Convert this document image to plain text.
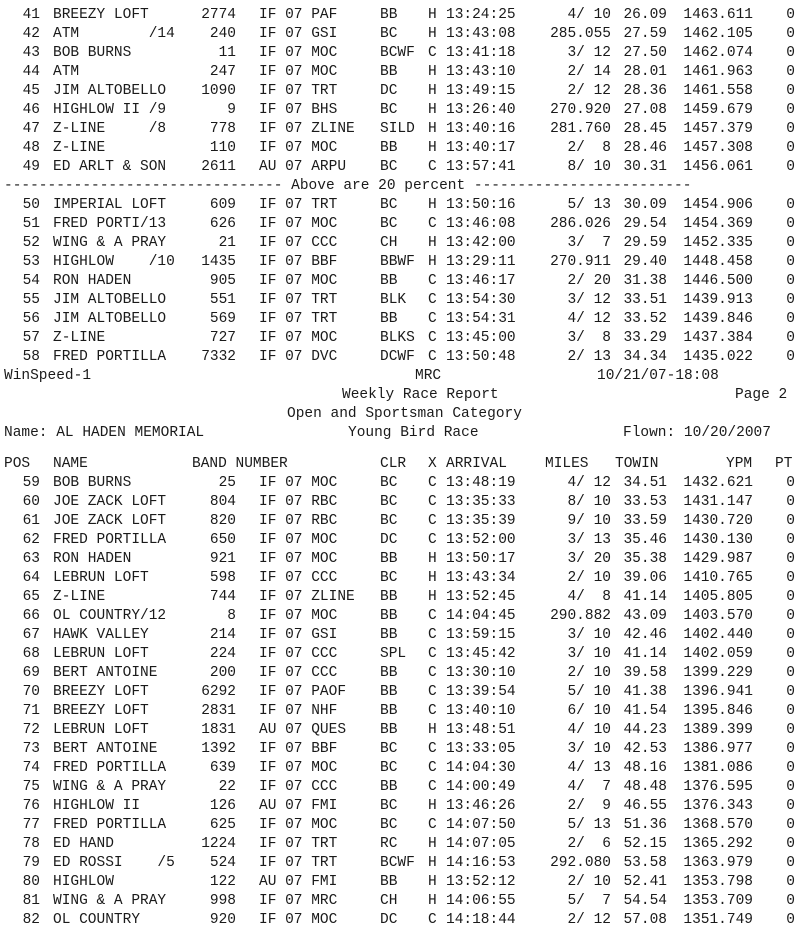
41 BREEZY LOFT	2774 IF 07 PAF	BB	H 13:24:25	4/ 10 26.09	1463.611	0
42 ATM        /14	240 IF 07 GSI	BC	H 13:43:08	285.055 27.59	1462.105	0
43 BOB BURNS	11 IF 07 MOC	BCWF C 13:41:18	3/ 12 27.50	1462.074	0
44 ATM	247 IF 07 MOC	BB	H 13:43:10	2/ 14 28.01	1461.963	0
45 JIM ALTOBELLO	1090 IF 07 TRT	DC	H 13:49:15	2/ 12 28.36	1461.558	0
46 HIGHLOW II /9	9 IF 07 BHS	BC	H 13:26:40	270.920 27.08	1459.679	0
47 Z-LINE     /8	778 IF 07 ZLINE	SILD H 13:40:16	281.760 28.45	1457.379	0
48 Z-LINE	110 IF 07 MOC	BB	H 13:40:17	2/  8 28.46	1457.308	0
49 ED ARLT & SON	2611 AU 07 ARPU	BC	C 13:57:41	8/ 10 30.31	1456.061	0
-------------------------------- Above are 20 percent -------------------------
50 IMPERIAL LOFT	609 IF 07 TRT	BC	H 13:50:16	5/ 13 30.09	1454.906	0
51 FRED PORTI/13	626 IF 07 MOC	BC	C 13:46:08	286.026 29.54	1454.369	0
52 WING & A PRAY	21 IF 07 CCC	CH	H 13:42:00	3/  7 29.59	1452.335	0
53 HIGHLOW    /10	1435 IF 07 BBF	BBWF H 13:29:11	270.911 29.40	1448.458	0
54 RON HADEN	905 IF 07 MOC	BB	C 13:46:17	2/ 20 31.38	1446.500	0
55 JIM ALTOBELLO	551 IF 07 TRT	BLK	C 13:54:30	3/ 12 33.51	1439.913	0
56 JIM ALTOBELLO	569 IF 07 TRT	BB	C 13:54:31	4/ 12 33.52	1439.846	0
57 Z-LINE	727 IF 07 MOC	BLKS C 13:45:00	3/  8 33.29	1437.384	0
58 FRED PORTILLA	7332 IF 07 DVC	DCWF C 13:50:48	2/ 13 34.34	1435.022	0
WinSpeed-1	MRC	10/21/07-18:08
Weekly Race Report	Page 2
Open and Sportsman Category
Name: AL HADEN MEMORIAL	Young Bird Race	Flown: 10/20/2007
POS NAME	BAND NUMBER	CLR X ARRIVAL	MILES TOWIN	YPM PT
59 BOB BURNS	25 IF 07 MOC	BC	C 13:48:19	4/ 12 34.51	1432.621	0
60 JOE ZACK LOFT	804 IF 07 RBC	BC	C 13:35:33	8/ 10 33.53	1431.147	0
61 JOE ZACK LOFT	820 IF 07 RBC	BC	C 13:35:39	9/ 10 33.59	1430.720	0
62 FRED PORTILLA	650 IF 07 MOC	DC	C 13:52:00	3/ 13 35.46	1430.130	0
63 RON HADEN	921 IF 07 MOC	BB	H 13:50:17	3/ 20 35.38	1429.987	0
64 LEBRUN LOFT	598 IF 07 CCC	BC	H 13:43:34	2/ 10 39.06	1410.765	0
65 Z-LINE	744 IF 07 ZLINE	BB	H 13:52:45	4/  8 41.14	1405.805	0
66 OL COUNTRY/12	8 IF 07 MOC	BB	C 14:04:45	290.882 43.09	1403.570	0
67 HAWK VALLEY	214 IF 07 GSI	BB	C 13:59:15	3/ 10 42.46	1402.440	0
68 LEBRUN LOFT	224 IF 07 CCC	SPL	C 13:45:42	3/ 10 41.14	1402.059	0
69 BERT ANTOINE	200 IF 07 CCC	BB	C 13:30:10	2/ 10 39.58	1399.229	0
70 BREEZY LOFT	6292 IF 07 PAOF	BB	C 13:39:54	5/ 10 41.38	1396.941	0
71 BREEZY LOFT	2831 IF 07 NHF	BB	C 13:40:10	6/ 10 41.54	1395.846	0
72 LEBRUN LOFT	1831 AU 07 QUES	BB	H 13:48:51	4/ 10 44.23	1389.399	0
73 BERT ANTOINE	1392 IF 07 BBF	BC	C 13:33:05	3/ 10 42.53	1386.977	0
74 FRED PORTILLA	639 IF 07 MOC	BC	C 14:04:30	4/ 13 48.16	1381.086	0
75 WING & A PRAY	22 IF 07 CCC	BB	C 14:00:49	4/  7 48.48	1376.595	0
76 HIGHLOW II	126 AU 07 FMI	BC	H 13:46:26	2/  9 46.55	1376.343	0
77 FRED PORTILLA	625 IF 07 MOC	BC	C 14:07:50	5/ 13 51.36	1368.570	0
78 ED HAND	1224 IF 07 TRT	RC	H 14:07:05	2/  6 52.15	1365.292	0
79 ED ROSSI    /5	524 IF 07 TRT	BCWF H 14:16:53	292.080 53.58	1363.979	0
80 HIGHLOW	122 AU 07 FMI	BB	H 13:52:12	2/ 10 52.41	1353.798	0
81 WING & A PRAY	998 IF 07 MRC	CH	H 14:06:55	5/  7 54.54	1353.709	0
82 OL COUNTRY	920 IF 07 MOC	DC	C 14:18:44	2/ 12 57.08	1351.749	0
